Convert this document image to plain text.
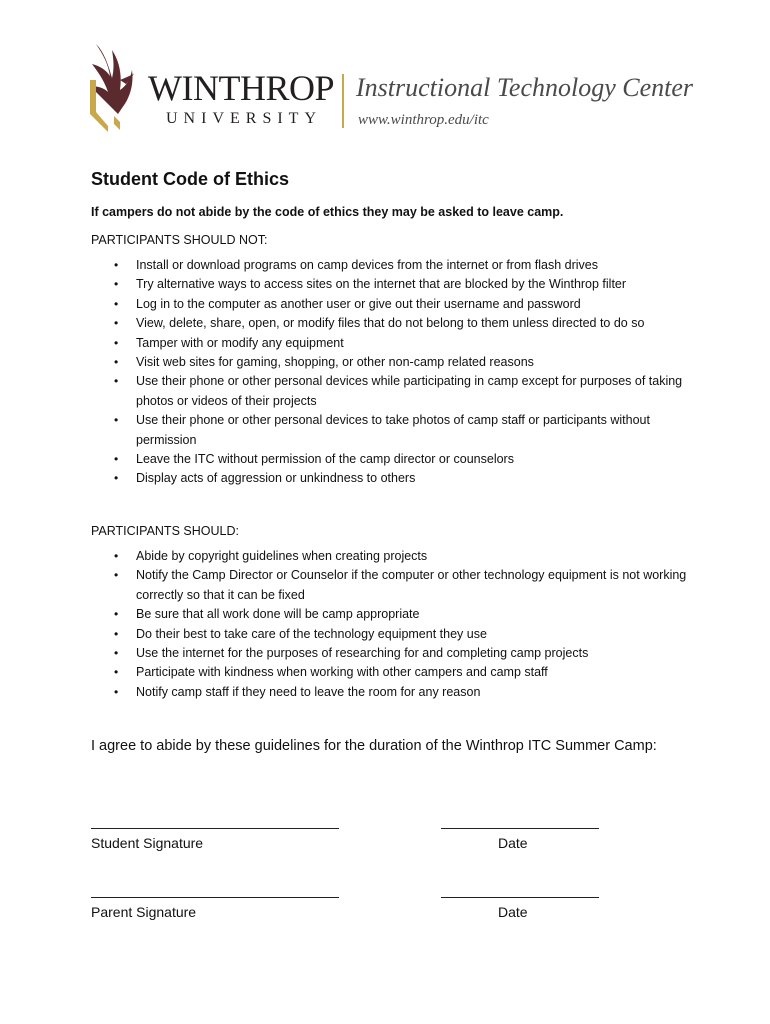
WINTHROP
UNIVERSITY
Instructional Technology Center
www.winthrop.edu/itc
Student Code of Ethics

If campers do not abide by the code of ethics they may be asked to leave camp.

PARTICIPANTS SHOULD NOT:

• Install or download programs on camp devices from the internet or from flash drives
• Try alternative ways to access sites on the internet that are blocked by the Winthrop filter
• Log in to the computer as another user or give out their username and password
• View, delete, share, open, or modify files that do not belong to them unless directed to do so
• Tamper with or modify any equipment
• Visit web sites for gaming, shopping, or other non-camp related reasons
• Use their phone or other personal devices while participating in camp except for purposes of taking photos or videos of their projects
• Use their phone or other personal devices to take photos of camp staff or participants without permission
• Leave the ITC without permission of the camp director or counselors
• Display acts of aggression or unkindness to others

PARTICIPANTS SHOULD:

• Abide by copyright guidelines when creating projects
• Notify the Camp Director or Counselor if the computer or other technology equipment is not working correctly so that it can be fixed
• Be sure that all work done will be camp appropriate
• Do their best to take care of the technology equipment they use
• Use the internet for the purposes of researching for and completing camp projects
• Participate with kindness when working with other campers and camp staff
• Notify camp staff if they need to leave the room for any reason

I agree to abide by these guidelines for the duration of the Winthrop ITC Summer Camp:

Student Signature	Date
Parent Signature	Date
